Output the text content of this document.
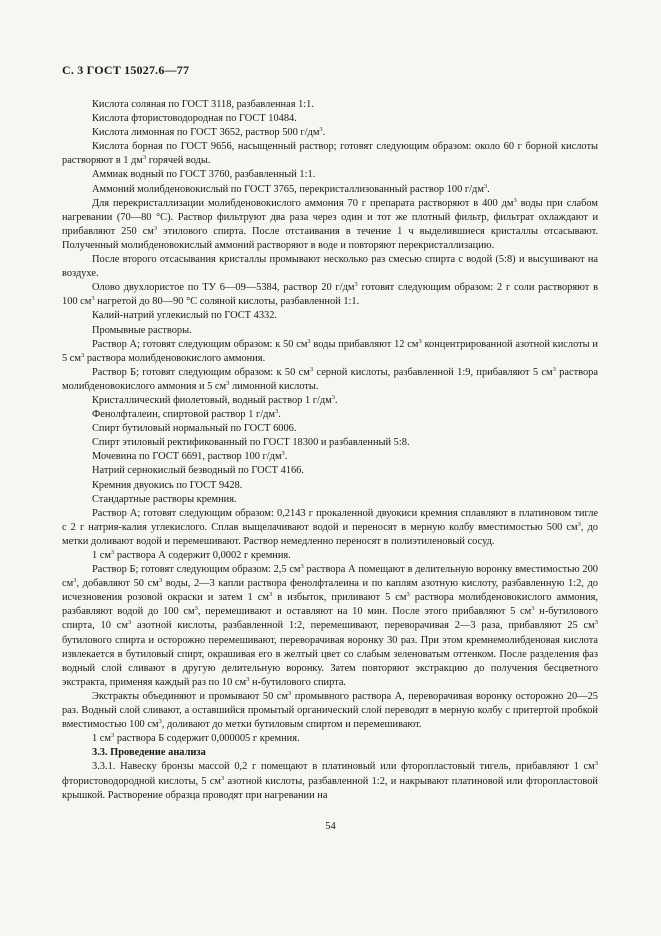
С. 3 ГОСТ 15027.6—77

Кислота соляная по ГОСТ 3118, разбавленная 1:1.

Кислота фтористоводородная по ГОСТ 10484.

Кислота лимонная по ГОСТ 3652, раствор 500 $г/дм^3$.

Кислота борная по ГОСТ 9656, насыщенный раствор; готовят следующим образом: около 60 г борной кислоты растворяют в 1 $дм^3$ горячей воды.

Аммиак водный по ГОСТ 3760, разбавленный 1:1.

Аммоний молибденовокислый по ГОСТ 3765, перекристаллизованный раствор 100 $г/дм^3$.

Для перекристаллизации молибденовокислого аммония 70 г препарата растворяют в 400 $дм^3$ воды при слабом нагревании (70—80 °С). Раствор фильтруют два раза через один и тот же плотный фильтр, фильтрат охлаждают и прибавляют 250 $см^3$ этилового спирта. После отстаивания в течение 1 ч выделившиеся кристаллы отсасывают. Полученный молибденовокислый аммоний растворяют в воде и повторяют перекристаллизацию.

После второго отсасывания кристаллы промывают несколько раз смесью спирта с водой (5:8) и высушивают на воздухе.

Олово двухлористое по ТУ 6—09—5384, раствор 20 $г/дм^3$ готовят следующим образом: 2 г соли растворяют в 100 $см^3$ нагретой до 80—90 °С соляной кислоты, разбавленной 1:1.

Калий-натрий углекислый по ГОСТ 4332.

Промывные растворы.

Раствор А; готовят следующим образом: к 50 $см^3$ воды прибавляют 12 $см^3$ концентрированной азотной кислоты и 5 $см^3$ раствора молибденовокислого аммония.

Раствор Б; готовят следующим образом: к 50 $см^3$ серной кислоты, разбавленной 1:9, прибавляют 5 $см^3$ раствора молибденовокислого аммония и 5 $см^3$ лимонной кислоты.

Кристаллический фиолетовый, водный раствор 1 $г/дм^3$.

Фенолфталеин, спиртовой раствор 1 $г/дм^3$.

Спирт бутиловый нормальный по ГОСТ 6006.

Спирт этиловый ректификованный по ГОСТ 18300 и разбавленный 5:8.

Мочевина по ГОСТ 6691, раствор 100 $г/дм^3$.

Натрий сернокислый безводный по ГОСТ 4166.

Кремния двуокись по ГОСТ 9428.

Стандартные растворы кремния.

Раствор А; готовят следующим образом: 0,2143 г прокаленной двуокиси кремния сплавляют в платиновом тигле с 2 г натрия-калия углекислого. Сплав выщелачивают водой и переносят в мерную колбу вместимостью 500 $см^3$, до метки доливают водой и перемешивают. Раствор немедленно переносят в полиэтиленовый сосуд.

1 $см^3$ раствора А содержит 0,0002 г кремния.

Раствор Б; готовят следующим образом: 2,5 $см^3$ раствора А помещают в делительную воронку вместимостью 200 $см^3$, добавляют 50 $см^3$ воды, 2—3 капли раствора фенолфталеина и по каплям азотную кислоту, разбавленную 1:2, до исчезновения розовой окраски и затем 1 $см^3$ в избыток, приливают 5 $см^3$ раствора молибденовокислого аммония, разбавляют водой до 100 $см^3$, перемешивают и оставляют на 10 мин. После этого прибавляют 5 $см^3$ н-бутилового спирта, 10 $см^3$ азотной кислоты, разбавленной 1:2, перемешивают, переворачивая 2—3 раза, прибавляют 25 $см^3$ бутилового спирта и осторожно перемешивают, переворачивая воронку 30 раз. При этом кремнемолибденовая кислота извлекается в бутиловый спирт, окрашивая его в желтый цвет со слабым зеленоватым оттенком. После разделения фаз водный слой сливают в другую делительную воронку. Затем повторяют экстракцию до получения бесцветного экстракта, применяя каждый раз по 10 $см^3$ н-бутилового спирта.

Экстракты объединяют и промывают 50 $см^3$ промывного раствора А, переворачивая воронку осторожно 20—25 раз. Водный слой сливают, а оставшийся промытый органический слой переводят в мерную колбу с притертой пробкой вместимостью 100 $см^3$, доливают до метки бутиловым спиртом и перемешивают.

1 $см^3$ раствора Б содержит 0,000005 г кремния.

3.3. Проведение анализа

3.3.1. Навеску бронзы массой 0,2 г помещают в платиновый или фторопластовый тигель, прибавляют 1 $см^3$ фтористоводородной кислоты, 5 $см^3$ азотной кислоты, разбавленной 1:2, и накрывают платиновой или фторопластовой крышкой. Растворение образца проводят при нагревании на

54
